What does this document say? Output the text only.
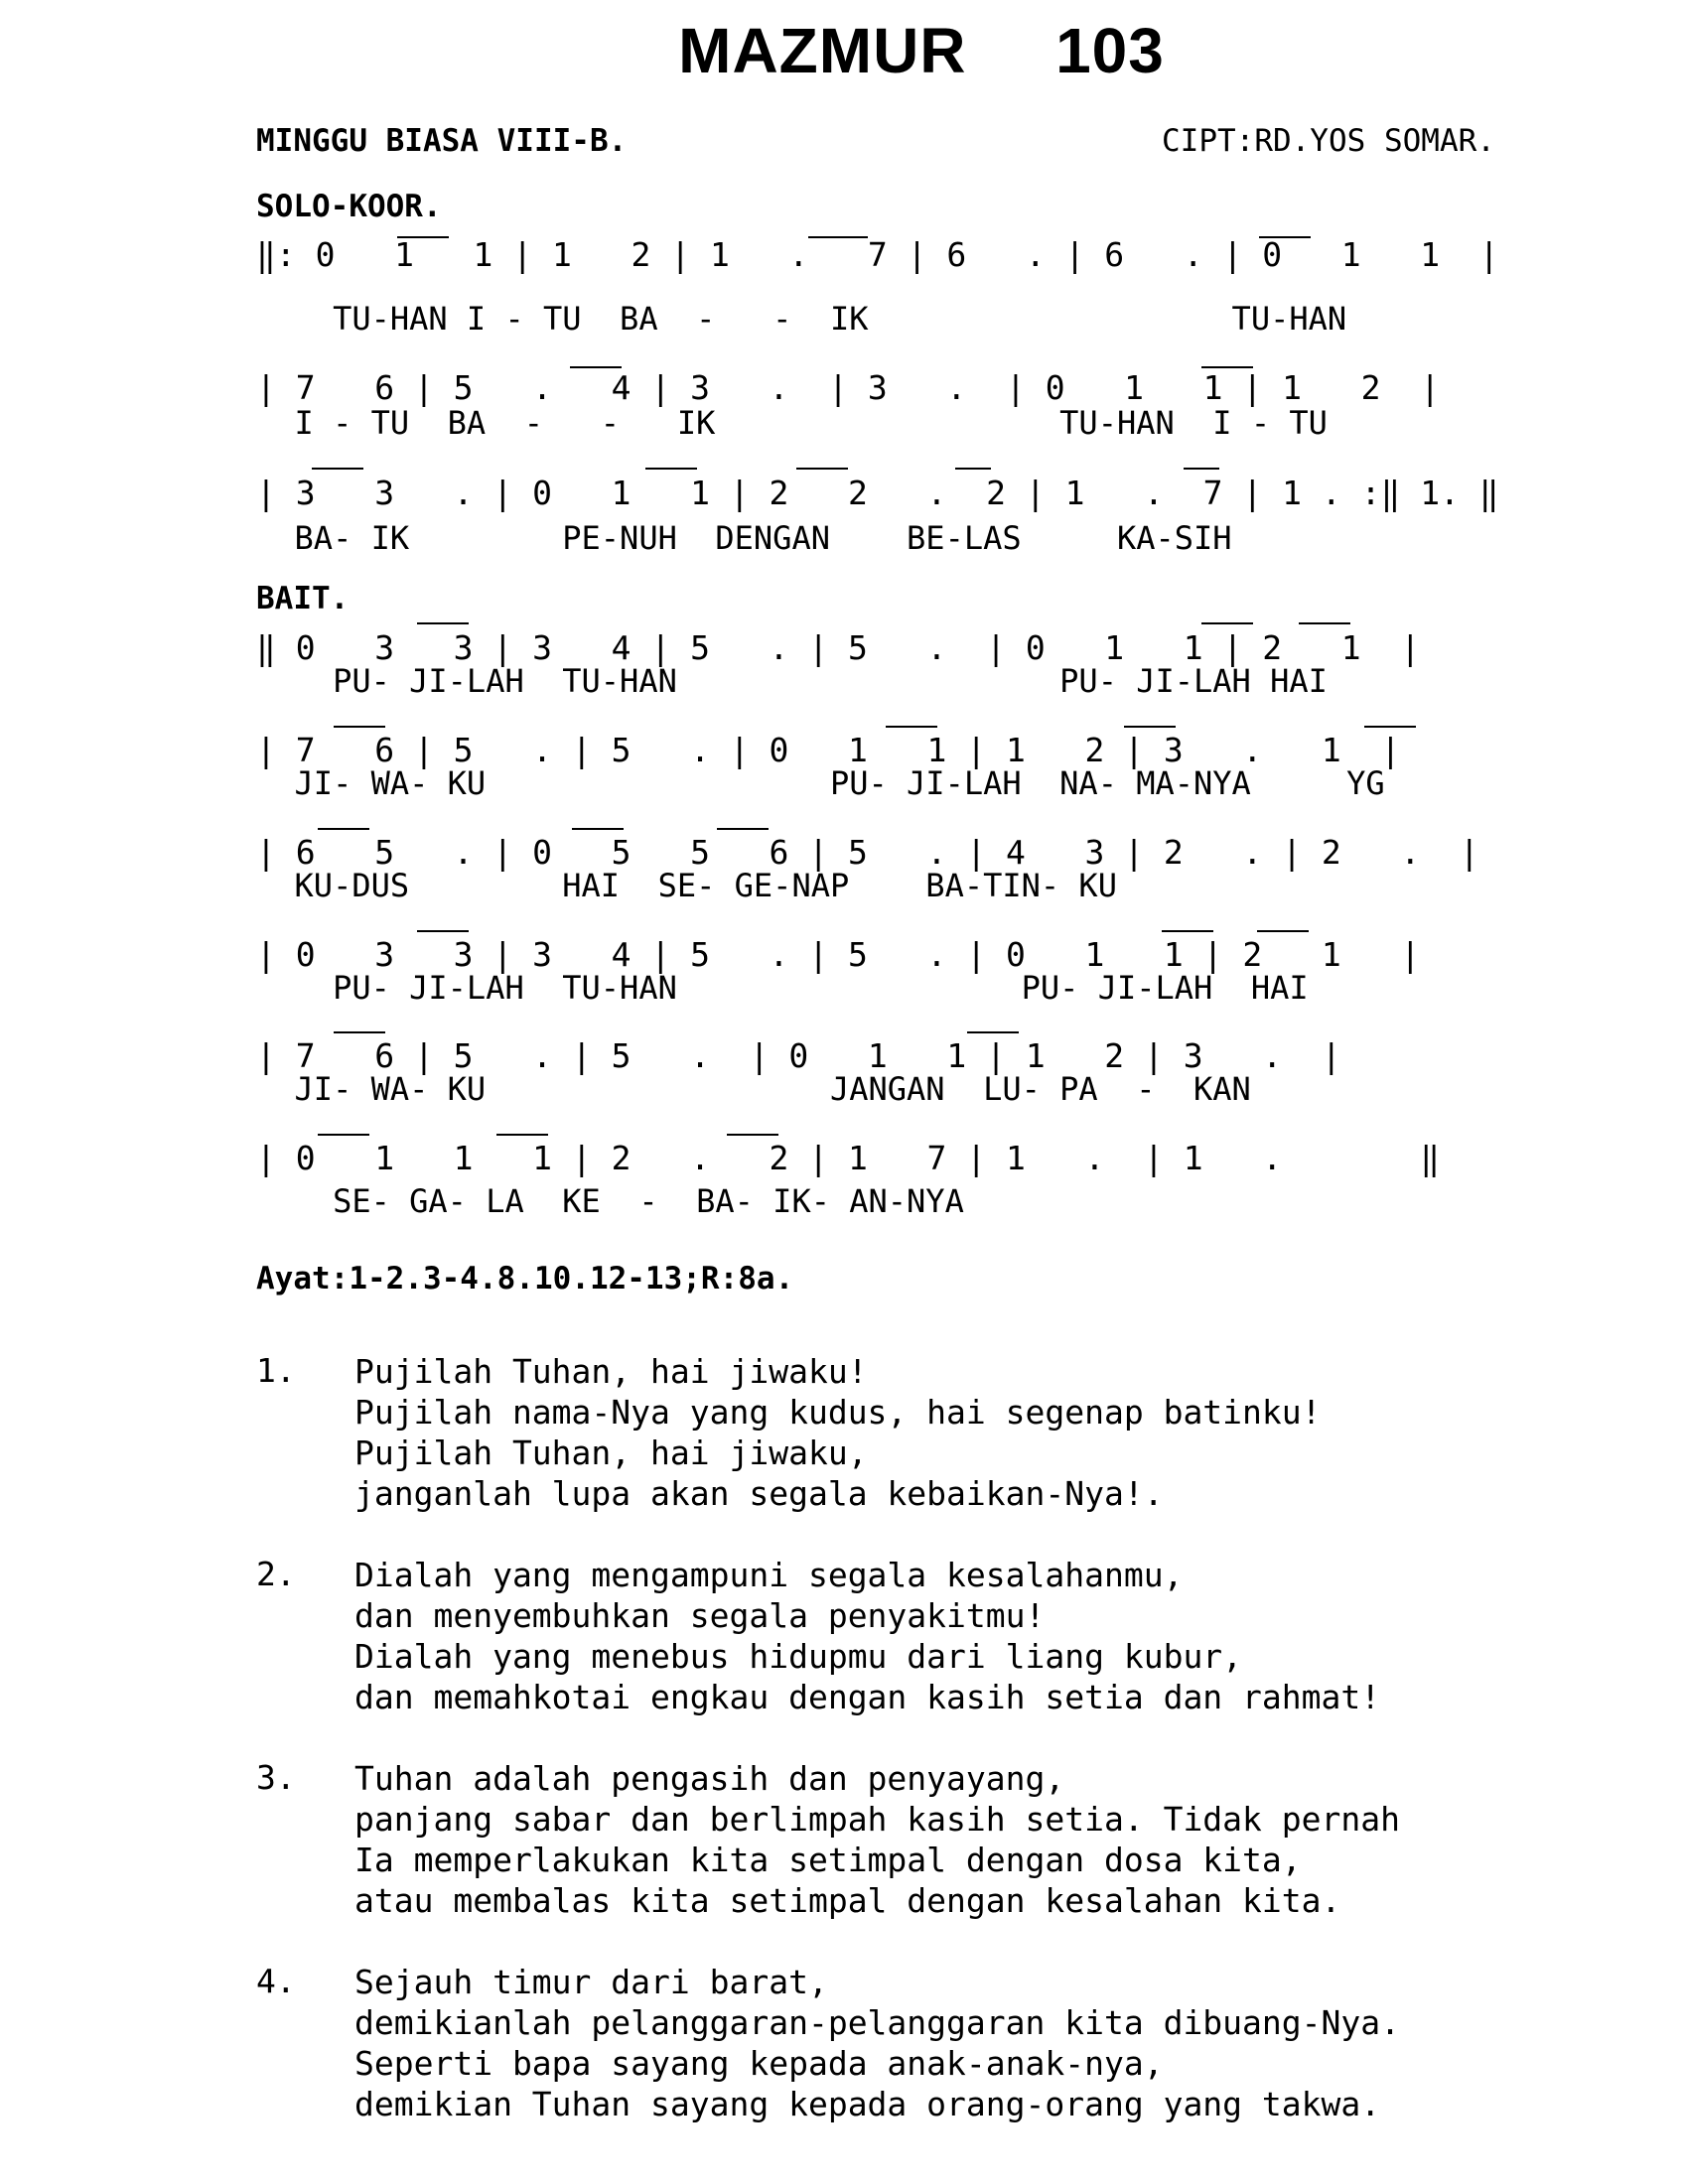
MAZMUR  103
MINGGU BIASA VIII-B.	CIPT:RD.YOS SOMAR.
SOLO-KOOR.
‖: 0   1   1 | 1   2 | 1   .   7 | 6   . | 6   . | 0   1   1  |
TU-HAN I - TU  BA  -   -  IK                   TU-HAN
| 7   6 | 5   .   4 | 3   .  | 3   .  | 0   1   1 | 1   2  |
I - TU  BA  -   -   IK                  TU-HAN  I - TU
| 3   3   . | 0   1   1 | 2   2   .  2 | 1   .  7 | 1 . :‖ 1. ‖
BA- IK        PE-NUH  DENGAN    BE-LAS     KA-SIH
BAIT.
‖ 0   3   3 | 3   4 | 5   . | 5   .  | 0   1   1 | 2   1  |
PU- JI-LAH  TU-HAN                    PU- JI-LAH HAI
| 7   6 | 5   . | 5   . | 0   1   1 | 1   2 | 3   .   1  |
JI- WA- KU                  PU- JI-LAH  NA- MA-NYA     YG
| 6   5   . | 0   5   5   6 | 5   . | 4   3 | 2   . | 2   .  |
KU-DUS        HAI  SE- GE-NAP    BA-TIN- KU
| 0   3   3 | 3   4 | 5   . | 5   . | 0   1   1 | 2   1   |
PU- JI-LAH  TU-HAN                  PU- JI-LAH  HAI
| 7   6 | 5   . | 5   .  | 0   1   1 | 1   2 | 3   .  |
JI- WA- KU                  JANGAN  LU- PA  -  KAN
| 0   1   1   1 | 2   .   2 | 1   7 | 1   .  | 1   .       ‖
SE- GA- LA  KE  -  BA- IK- AN-NYA
Ayat:1-2.3-4.8.10.12-13;R:8a.
1. Pujilah Tuhan, hai jiwaku!
Pujilah nama-Nya yang kudus, hai segenap batinku!
Pujilah Tuhan, hai jiwaku,
janganlah lupa akan segala kebaikan-Nya!.
2. Dialah yang mengampuni segala kesalahanmu,
dan menyembuhkan segala penyakitmu!
Dialah yang menebus hidupmu dari liang kubur,
dan memahkotai engkau dengan kasih setia dan rahmat!
3. Tuhan adalah pengasih dan penyayang,
panjang sabar dan berlimpah kasih setia. Tidak pernah
Ia memperlakukan kita setimpal dengan dosa kita,
atau membalas kita setimpal dengan kesalahan kita.
4. Sejauh timur dari barat,
demikianlah pelanggaran-pelanggaran kita dibuang-Nya.
Seperti bapa sayang kepada anak-anak-nya,
demikian Tuhan sayang kepada orang-orang yang takwa.
